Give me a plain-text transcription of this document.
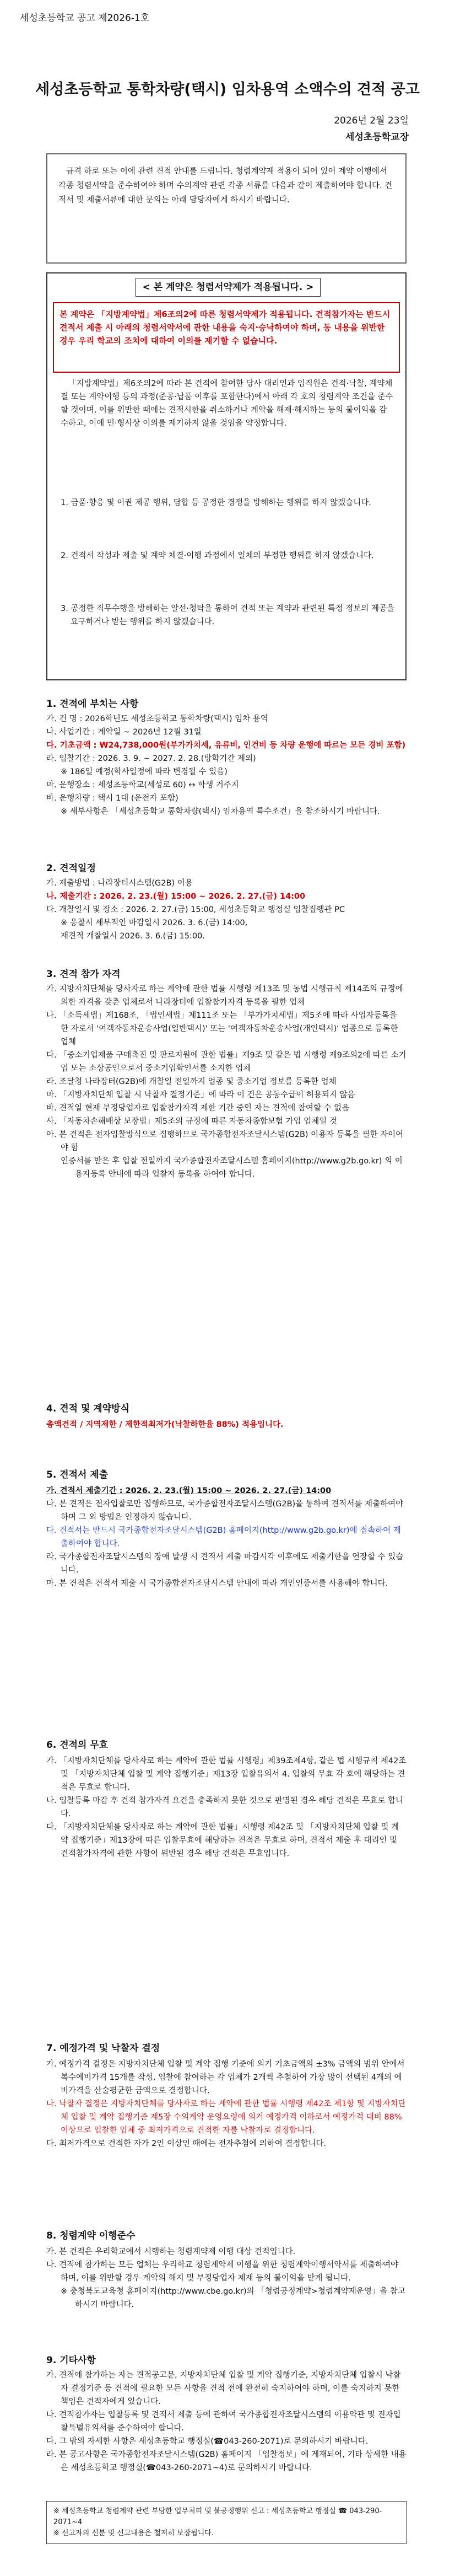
세성초등학교 공고 제2026-1호
세성초등학교 통학차량(택시) 임차용역 소액수의 견적 공고
2026년 2월 23일
세성초등학교장
규격 하로 또는 이에 관련 견적 안내를 드립니다. 청렴계약제 적용이 되어 있어 계약 이행에서 각종 청렴서약을 준수하여야 하며 수의계약 관련 각종 서류를 다음과 같이 제출하여야 합니다. 견적서 및 제출서류에 대한 문의는 아래 담당자에게 하시기 바랍니다.
< 본 계약은 청렴서약제가 적용됩니다. >
본 계약은 「지방계약법」제6조의2에 따른 청렴서약제가 적용됩니다. 견적참가자는 반드시 견적서 제출 시 아래의 청렴서약서에 관한 내용을 숙지·승낙하여야 하며, 동 내용을 위반한 경우 우리 학교의 조치에 대하여 이의를 제기할 수 없습니다.
「지방계약법」제6조의2에 따라 본 견적에 참여한 당사 대리인과 임직원은 견적·낙찰, 계약체결 또는 계약이행 등의 과정(준공·납품 이후를 포함한다)에서 아래 각 호의 청렴계약 조건을 준수할 것이며, 이를 위반한 때에는 견적시한을 취소하거나 계약을 해제·해지하는 등의 불이익을 감수하고, 이에 민·형사상 이의를 제기하지 않을 것임을 약정합니다.
1. 금품·향응 및 이권 제공 행위, 담합 등 공정한 경쟁을 방해하는 행위를 하지 않겠습니다.
2. 견적서 작성과 제출 및 계약 체결·이행 과정에서 일체의 부정한 행위를 하지 않겠습니다.
3. 공정한 직무수행을 방해하는 알선·청탁을 통하여 견적 또는 계약과 관련된 특정 정보의 제공을 요구하거나 받는 행위를 하지 않겠습니다.
1. 견적에 부치는 사항
가. 건 명 : 2026학년도 세성초등학교 통학차량(택시) 임차 용역
나. 사업기간 : 계약일 ~ 2026년 12월 31일
다. 기초금액 : ₩24,738,000원(부가가치세, 유류비, 인건비 등 차량 운행에 따르는 모든 경비 포함)
라. 입찰기간 : 2026. 3. 9. ~ 2027. 2. 28.(방학기간 제외)
※ 186일 예정(학사일정에 따라 변경될 수 있음)
마. 운행장소 : 세성초등학교(세성로 60) ↔ 학생 거주지
바. 운행차량 : 택시 1대 (운전자 포함)
※ 세부사항은 「세성초등학교 통학차량(택시) 임차용역 특수조건」을 참조하시기 바랍니다.
2. 견적일정
가. 제출방법 : 나라장터시스템(G2B) 이용
나. 제출기간 : 2026. 2. 23.(월) 15:00 ~ 2026. 2. 27.(금) 14:00
다. 개찰일시 및 장소 : 2026. 2. 27.(금) 15:00, 세성초등학교 행정실 입찰집행관 PC
※ 응찰시 세부적인 마감일시 2026. 3. 6.(금) 14:00,
재견적 개찰일시 2026. 3. 6.(금) 15:00.
3. 견적 참가 자격
가. 지방자치단체를 당사자로 하는 계약에 관한 법률 시행령 제13조 및 동법 시행규칙 제14조의 규정에 의한 자격을 갖춘 업체로서 나라장터에 입찰참가자격 등록을 필한 업체
나. 「소득세법」제168조, 「법인세법」제111조 또는 「부가가치세법」제5조에 따라 사업자등록을 한 자로서 '여객자동차운송사업(일반택시)' 또는 '여객자동차운송사업(개인택시)' 업종으로 등록한 업체
다. 「중소기업제품 구매촉진 및 판로지원에 관한 법률」제9조 및 같은 법 시행령 제9조의2에 따른 소기업 또는 소상공인으로서 중소기업확인서를 소지한 업체
라. 조달청 나라장터(G2B)에 개찰일 전일까지 업종 및 중소기업 정보를 등록한 업체
마. 「지방자치단체 입찰 시 낙찰자 결정기준」에 따라 이 건은 공동수급이 허용되지 않음
바. 견적일 현재 부정당업자로 입찰참가자격 제한 기간 중인 자는 견적에 참여할 수 없음
사. 「자동차손해배상 보장법」제5조의 규정에 따른 자동차종합보험 가입 업체일 것
아. 본 견적은 전자입찰방식으로 집행하므로 국가종합전자조달시스템(G2B) 이용자 등록을 필한 자이어야 함
인증서를 받은 후 입찰 전일까지 국가종합전자조달시스템 홈페이지(http://www.g2b.go.kr) 의 이용자등록 안내에 따라 입찰자 등록을 하여야 합니다.
4. 견적 및 계약방식
총액견적 / 지역제한 / 제한적최저가(낙찰하한율 88%) 적용입니다.
5. 견적서 제출
가. 견적서 제출기간 : 2026. 2. 23.(월) 15:00 ~ 2026. 2. 27.(금) 14:00
나. 본 견적은 전자입찰로만 집행하므로, 국가종합전자조달시스템(G2B)을 통하여 견적서를 제출하여야 하며 그 외 방법은 인정하지 않습니다.
다. 견적서는 반드시 국가종합전자조달시스템(G2B) 홈페이지(http://www.g2b.go.kr)에 접속하여 제출하여야 합니다.
라. 국가종합전자조달시스템의 장애 발생 시 견적서 제출 마감시각 이후에도 제출기한을 연장할 수 있습니다.
마. 본 견적은 견적서 제출 시 국가종합전자조달시스템 안내에 따라 개인인증서를 사용해야 합니다.
6. 견적의 무효
가. 「지방자치단체를 당사자로 하는 계약에 관한 법률 시행령」제39조제4항, 같은 법 시행규칙 제42조 및 「지방자치단체 입찰 및 계약 집행기준」제13장 입찰유의서 4. 입찰의 무효 각 호에 해당하는 견적은 무효로 합니다.
나. 입찰등록 마감 후 견적 참가자격 요건을 충족하지 못한 것으로 판명된 경우 해당 견적은 무효로 합니다.
다. 「지방자치단체를 당사자로 하는 계약에 관한 법률」시행령 제42조 및 「지방자치단체 입찰 및 계약 집행기준」제13장에 따른 입찰무효에 해당하는 견적은 무효로 하며, 견적서 제출 후 대리인 및 견적참가자격에 관한 사항이 위반된 경우 해당 견적은 무효입니다.
7. 예정가격 및 낙찰자 결정
가. 예정가격 결정은 지방자치단체 입찰 및 계약 집행 기준에 의거 기초금액의 ±3% 금액의 범위 안에서 복수예비가격 15개를 작성, 입찰에 참여하는 각 업체가 2개씩 추첨하여 가장 많이 선택된 4개의 예비가격을 산술평균한 금액으로 결정합니다.
나. 낙찰자 결정은 지방자치단체를 당사자로 하는 계약에 관한 법률 시행령 제42조 제1항 및 지방자치단체 입찰 및 계약 집행기준 제5장 수의계약 운영요령에 의거 예정가격 이하로서 예정가격 대비 88% 이상으로 입찰한 업체 중 최저가격으로 견적한 자를 낙찰자로 결정합니다.
다. 최저가격으로 견적한 자가 2인 이상인 때에는 전자추첨에 의하여 결정합니다.
8. 청렴계약 이행준수
가. 본 견적은 우리학교에서 시행하는 청렴계약제 이행 대상 견적입니다.
나. 견적에 참가하는 모든 업체는 우리학교 청렴계약제 이행을 위한 청렴계약이행서약서를 제출하여야 하며, 이를 위반할 경우 계약의 해지 및 부정당업자 제재 등의 불이익을 받게 됩니다.
※ 충청북도교육청 홈페이지(http://www.cbe.go.kr)의 「청렴공정계약>청렴계약제운영」을 참고하시기 바랍니다.
9. 기타사항
가. 견적에 참가하는 자는 견적공고문, 지방자치단체 입찰 및 계약 집행기준, 지방자치단체 입찰시 낙찰자 결정기준 등 견적에 필요한 모든 사항을 견적 전에 완전히 숙지하여야 하며, 이를 숙지하지 못한 책임은 견적자에게 있습니다.
나. 견적참가자는 입찰등록 및 견적서 제출 등에 관하여 국가종합전자조달시스템의 이용약관 및 전자입찰특별유의서를 준수하여야 합니다.
다. 그 밖의 자세한 사항은 세성초등학교 행정실(☎043-260-2071)로 문의하시기 바랍니다.
라. 본 공고사항은 국가종합전자조달시스템(G2B) 홈페이지 「입찰정보」에 게재되어, 기타 상세한 내용은 세성초등학교 행정실(☎043-260-2071~4)로 문의하시기 바랍니다.
※ 세성초등학교 청렴계약 관련 부당한 업무처리 및 불공정행위 신고 : 세성초등학교 행정실 ☎ 043-290-2071~4
※ 신고자의 신분 및 신고내용은 철저히 보장됩니다.
